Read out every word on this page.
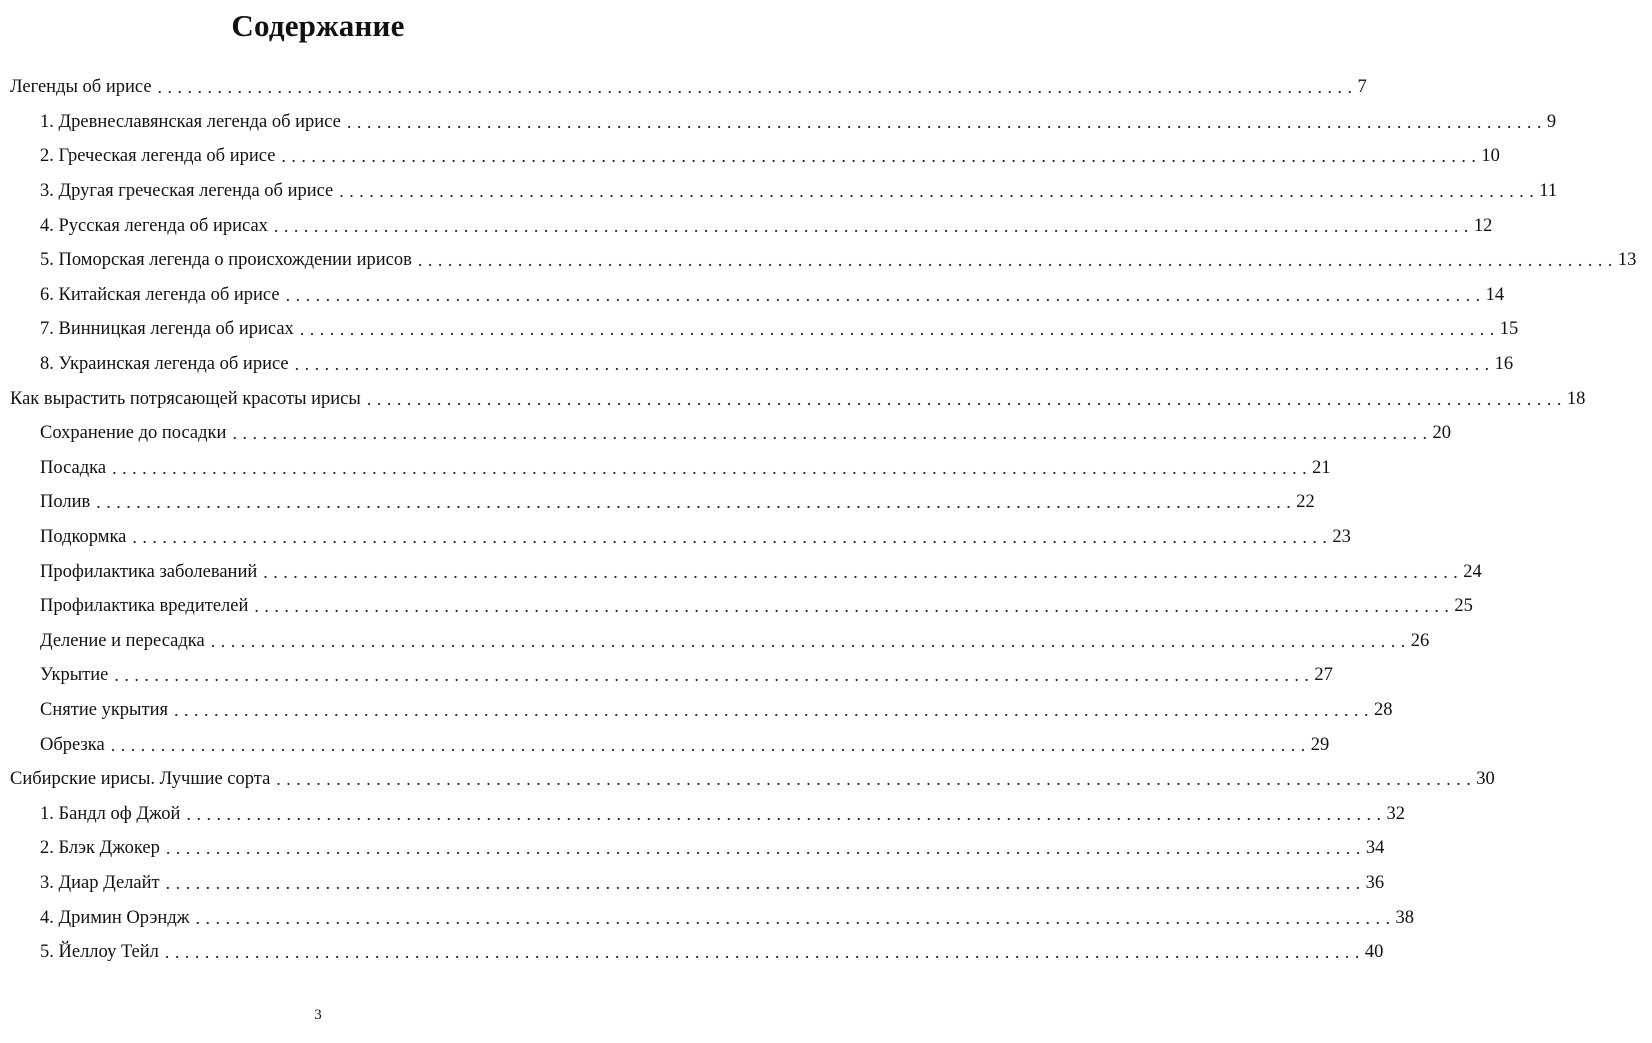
Содержание
Легенды об ирисе ........................................................................................................................ 7
1. Древнеславянская легенда об ирисе ........................................................................................................................ 9
2. Греческая легенда об ирисе ........................................................................................................................ 10
3. Другая греческая легенда об ирисе ........................................................................................................................ 11
4. Русская легенда об ирисах ........................................................................................................................ 12
5. Поморская легенда о происхождении ирисов ........................................................................................................................ 13
6. Китайская легенда об ирисе ........................................................................................................................ 14
7. Винницкая легенда об ирисах ........................................................................................................................ 15
8. Украинская легенда об ирисе ........................................................................................................................ 16
Как вырастить потрясающей красоты ирисы ........................................................................................................................ 18
Сохранение до посадки ........................................................................................................................ 20
Посадка ........................................................................................................................ 21
Полив ........................................................................................................................ 22
Подкормка ........................................................................................................................ 23
Профилактика заболеваний ........................................................................................................................ 24
Профилактика вредителей ........................................................................................................................ 25
Деление и пересадка ........................................................................................................................ 26
Укрытие ........................................................................................................................ 27
Снятие укрытия ........................................................................................................................ 28
Обрезка ........................................................................................................................ 29
Сибирские ирисы. Лучшие сорта ........................................................................................................................ 30
1. Бандл оф Джой ........................................................................................................................ 32
2. Блэк Джокер ........................................................................................................................ 34
3. Диар Делайт ........................................................................................................................ 36
4. Дримин Орэндж ........................................................................................................................ 38
5. Йеллоу Тейл ........................................................................................................................ 40
3
